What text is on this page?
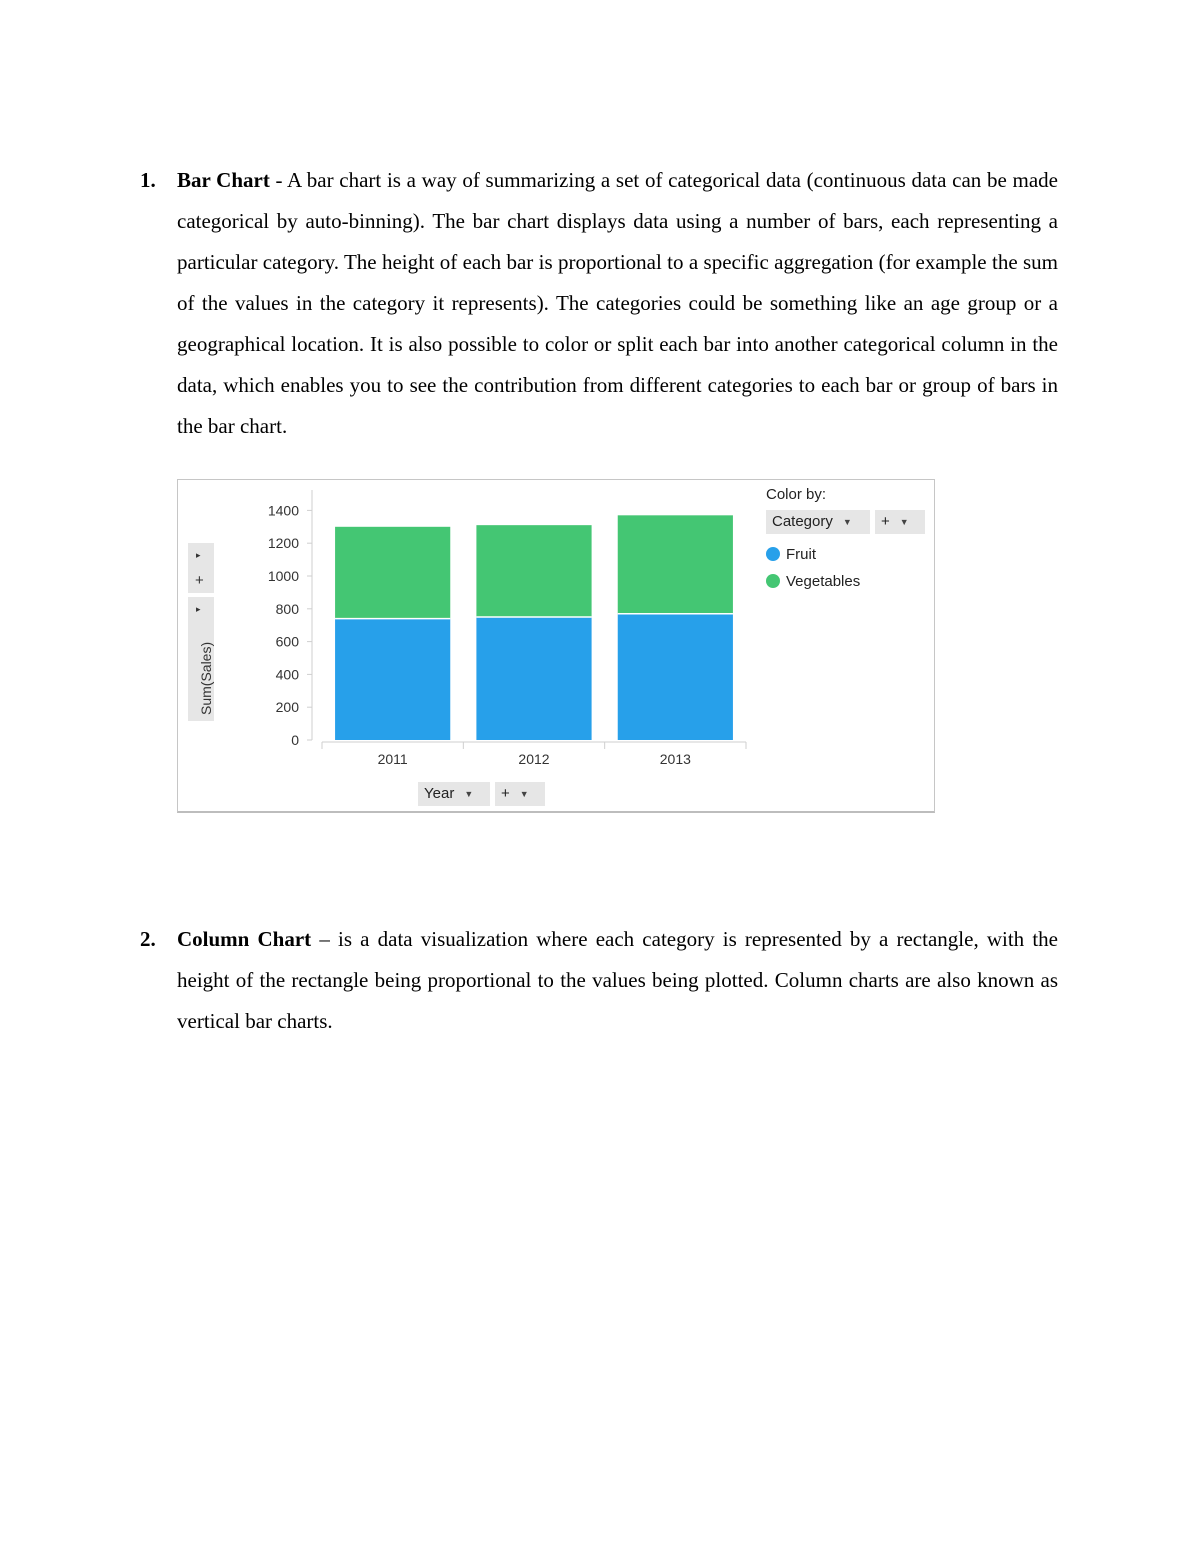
1. Bar Chart - A bar chart is a way of summarizing a set of categorical data (continuous data can be made categorical by auto-binning). The bar chart displays data using a number of bars, each representing a particular category. The height of each bar is proportional to a specific aggregation (for example the sum of the values in the category it represents). The categories could be something like an age group or a geographical location. It is also possible to color or split each bar into another categorical column in the data, which enables you to see the contribution from different categories to each bar or group of bars in the bar chart.
0
200
400
600
800
1000
1200
1400
2011	2012	2013
▸
+
▸
Sum(Sales)
Color by:
Category ▼	+ ▼
Fruit
Vegetables
Year ▼	+ ▼
2. Column Chart – is a data visualization where each category is represented by a rectangle, with the height of the rectangle being proportional to the values being plotted. Column charts are also known as vertical bar charts.
